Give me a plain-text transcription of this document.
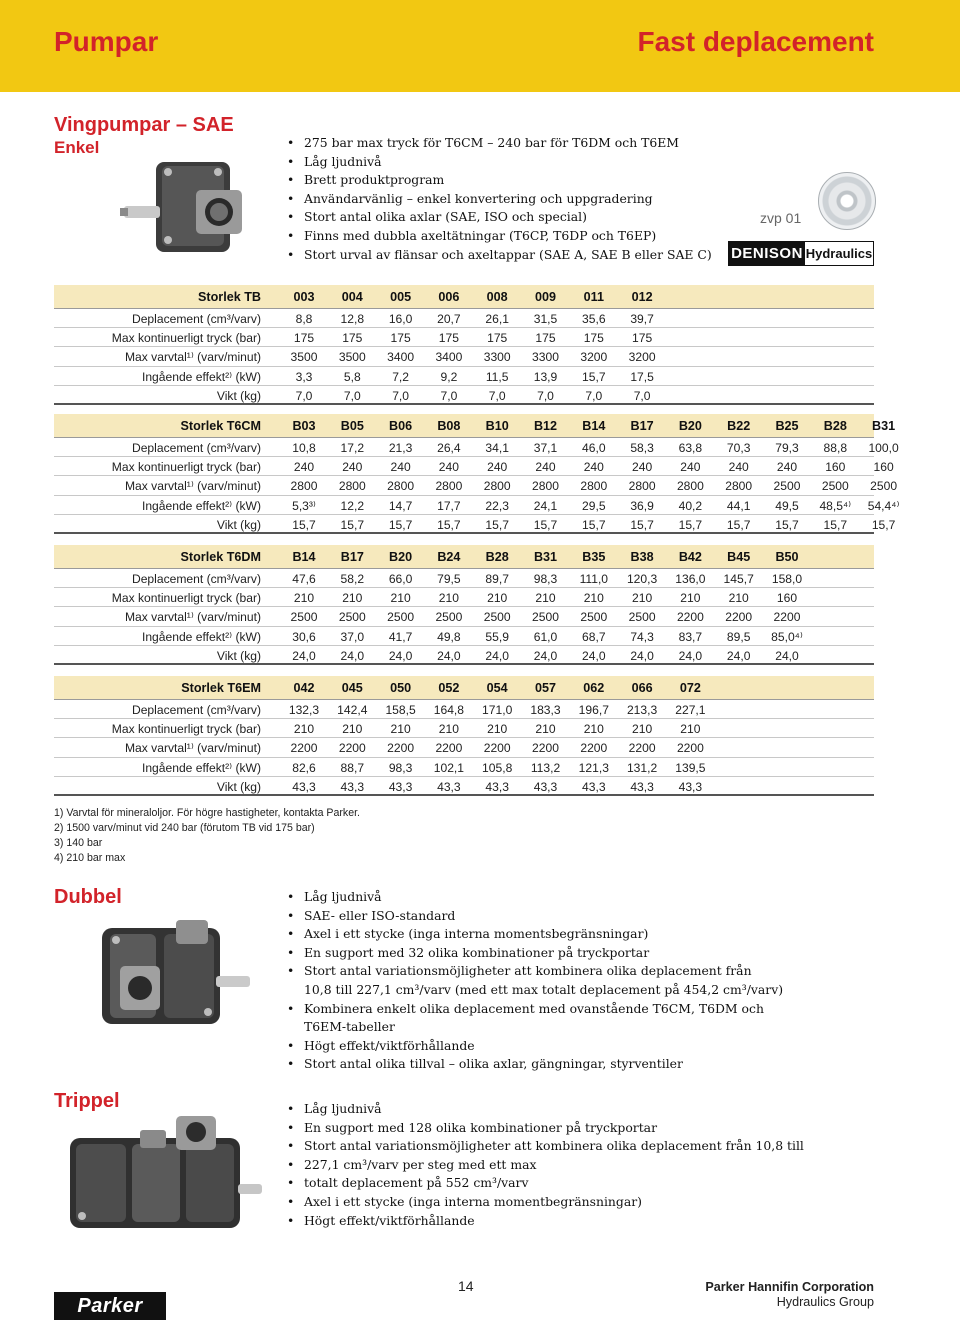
Pumpar	Fast deplacement
Vingpumpar – SAE
Enkel	• 275 bar max tryck för T6CM – 240 bar för T6DM och T6EM
• Låg ljudnivå
• Brett produktprogram
• Användarvänlig – enkel konvertering och uppgradering
• Stort antal olika axlar (SAE, ISO och special)
• Finns med dubbla axeltätningar (T6CP, T6DP och T6EP)
• Stort urval av flänsar och axeltappar (SAE A, SAE B eller SAE C)
zvp 01
DENISON Hydraulics
Storlek TB	003	004	005	006	008	009	011	012
Deplacement (cm³/varv)	8,8	12,8	16,0	20,7	26,1	31,5	35,6	39,7
Max kontinuerligt tryck (bar)	175	175	175	175	175	175	175	175
Max varvtal¹⁾ (varv/minut)	3500	3500	3400	3400	3300	3300	3200	3200
Ingående effekt²⁾ (kW)	3,3	5,8	7,2	9,2	11,5	13,9	15,7	17,5
Vikt (kg)	7,0	7,0	7,0	7,0	7,0	7,0	7,0	7,0
Storlek T6CM	B03	B05	B06	B08	B10	B12	B14	B17	B20	B22	B25	B28	B31
Deplacement (cm³/varv)	10,8	17,2	21,3	26,4	34,1	37,1	46,0	58,3	63,8	70,3	79,3	88,8	100,0
Max kontinuerligt tryck (bar)	240	240	240	240	240	240	240	240	240	240	240	160	160
Max varvtal¹⁾ (varv/minut)	2800	2800	2800	2800	2800	2800	2800	2800	2800	2800	2500	2500	2500
Ingående effekt²⁾ (kW)	5,3³⁾	12,2	14,7	17,7	22,3	24,1	29,5	36,9	40,2	44,1	49,5	48,5⁴⁾	54,4⁴⁾
Vikt (kg)	15,7	15,7	15,7	15,7	15,7	15,7	15,7	15,7	15,7	15,7	15,7	15,7	15,7
Storlek T6DM	B14	B17	B20	B24	B28	B31	B35	B38	B42	B45	B50
Deplacement (cm³/varv)	47,6	58,2	66,0	79,5	89,7	98,3	111,0	120,3	136,0	145,7	158,0
Max kontinuerligt tryck (bar)	210	210	210	210	210	210	210	210	210	210	160
Max varvtal¹⁾ (varv/minut)	2500	2500	2500	2500	2500	2500	2500	2500	2200	2200	2200
Ingående effekt²⁾ (kW)	30,6	37,0	41,7	49,8	55,9	61,0	68,7	74,3	83,7	89,5	85,0⁴⁾
Vikt (kg)	24,0	24,0	24,0	24,0	24,0	24,0	24,0	24,0	24,0	24,0	24,0
Storlek T6EM	042	045	050	052	054	057	062	066	072
Deplacement (cm³/varv)	132,3	142,4	158,5	164,8	171,0	183,3	196,7	213,3	227,1
Max kontinuerligt tryck (bar)	210	210	210	210	210	210	210	210	210
Max varvtal¹⁾ (varv/minut)	2200	2200	2200	2200	2200	2200	2200	2200	2200
Ingående effekt²⁾ (kW)	82,6	88,7	98,3	102,1	105,8	113,2	121,3	131,2	139,5
Vikt (kg)	43,3	43,3	43,3	43,3	43,3	43,3	43,3	43,3	43,3
1) Varvtal för mineraloljor. För högre hastigheter, kontakta Parker.
2) 1500 varv/minut vid 240 bar (förutom TB vid 175 bar)
3) 140 bar
4) 210 bar max
Dubbel	• Låg ljudnivå
• SAE- eller ISO-standard
• Axel i ett stycke (inga interna momentsbegränsningar)
• En sugport med 32 olika kombinationer på tryckportar
• Stort antal variationsmöjligheter att kombinera olika deplacement från
10,8 till 227,1 cm³/varv (med ett max totalt deplacement på 454,2 cm³/varv)
• Kombinera enkelt olika deplacement med ovanstående T6CM, T6DM och
T6EM-tabeller
• Högt effekt/viktförhållande
• Stort antal olika tillval – olika axlar, gängningar, styrventiler
Trippel	• Låg ljudnivå
• En sugport med 128 olika kombinationer på tryckportar
• Stort antal variationsmöjligheter att kombinera olika deplacement från 10,8 till
• 227,1 cm³/varv per steg med ett max
• totalt deplacement på 552 cm³/varv
• Axel i ett stycke (inga interna momentbegränsningar)
• Högt effekt/viktförhållande
14
Parker
Parker Hannifin Corporation
Hydraulics Group
